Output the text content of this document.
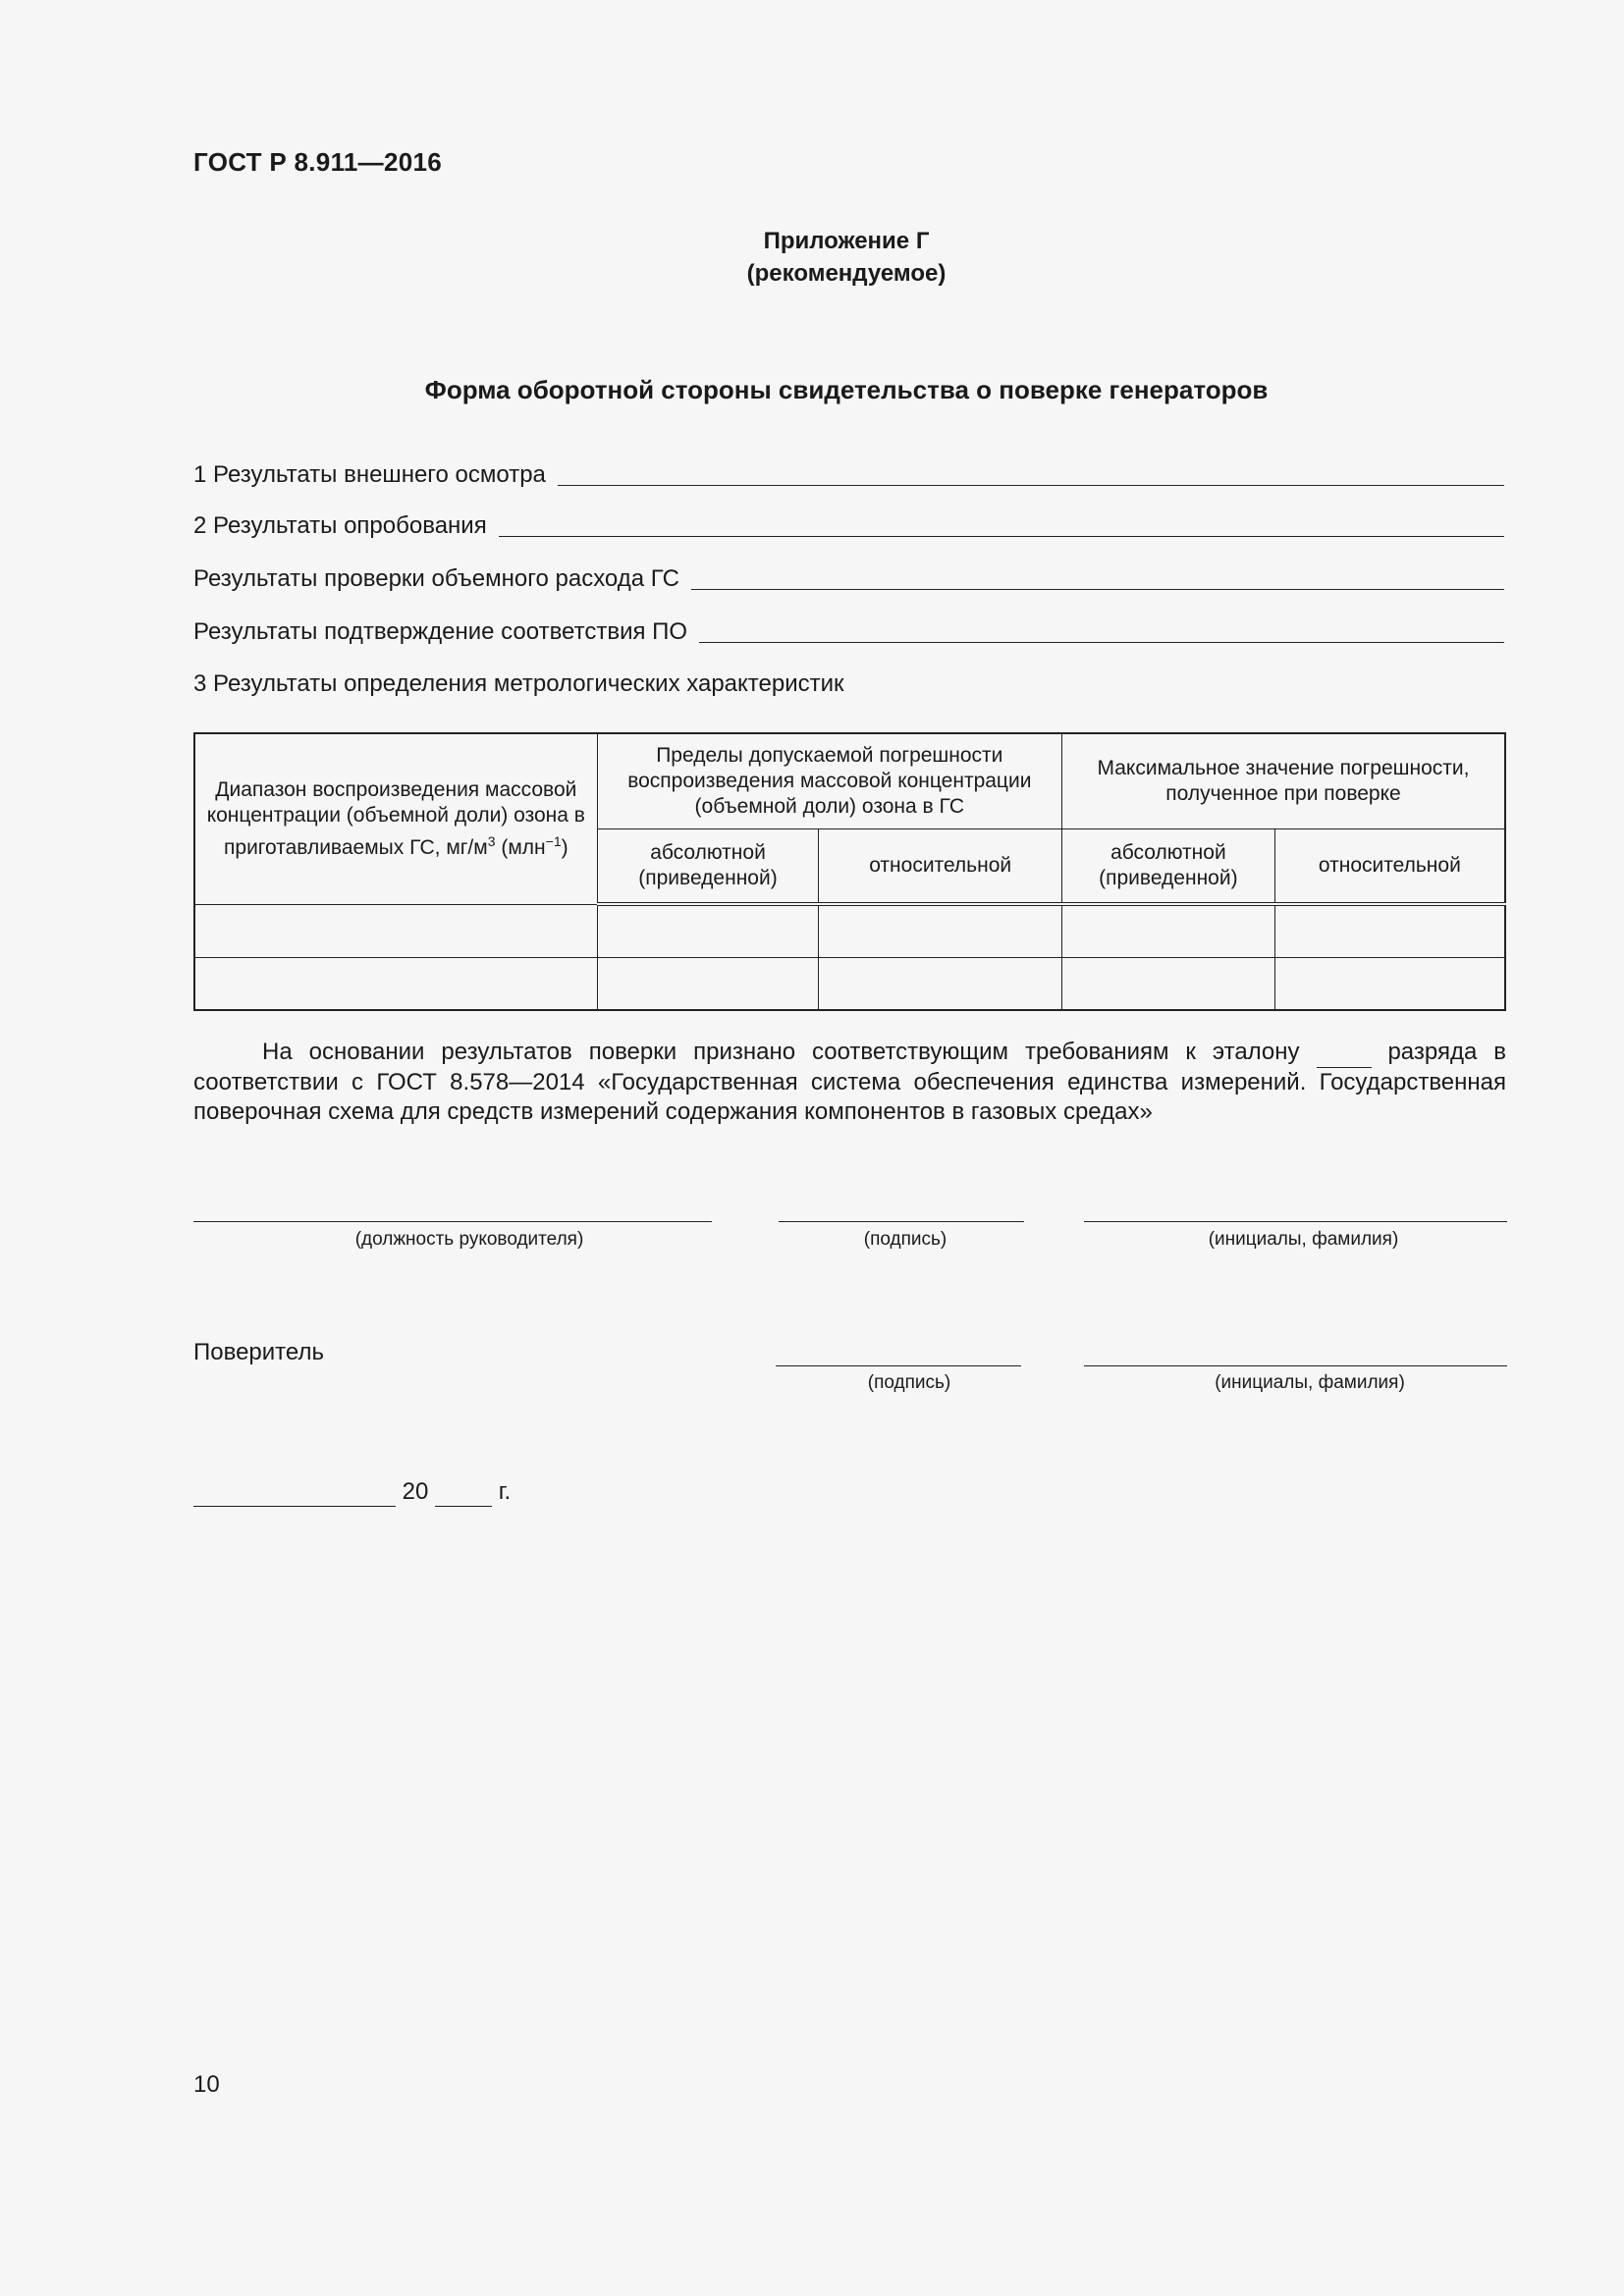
ГОСТ Р 8.911—2016
Приложение Г
(рекомендуемое)
Форма оборотной стороны свидетельства о поверке генераторов
1 Результаты внешнего осмотра
2 Результаты опробования
Результаты проверки объемного расхода ГС
Результаты подтверждение соответствия ПО
3 Результаты определения метрологических характеристик
Диапазон воспроизведения массовой концентрации (объемной доли) озона в приготавливаемых ГС, $мг/м^3$ (млн$^{-1}$)	Пределы допускаемой погрешности воспроизведения массовой концентрации (объемной доли) озона в ГС		Максимальное значение погрешности, полученное при поверке	
	абсолютной (приведенной)	относительной	абсолютной (приведенной)	относительной

На основании результатов поверки признано соответствующим требованиям к эталону	разряда в соответствии с ГОСТ 8.578—2014 «Государственная система обеспечения единства измерений. Государственная поверочная схема для средств измерений содержания компонентов в газовых средах»
(должность руководителя)	(подпись)	(инициалы, фамилия)
Поверитель
(подпись)	(инициалы, фамилия)
20	г.
10
